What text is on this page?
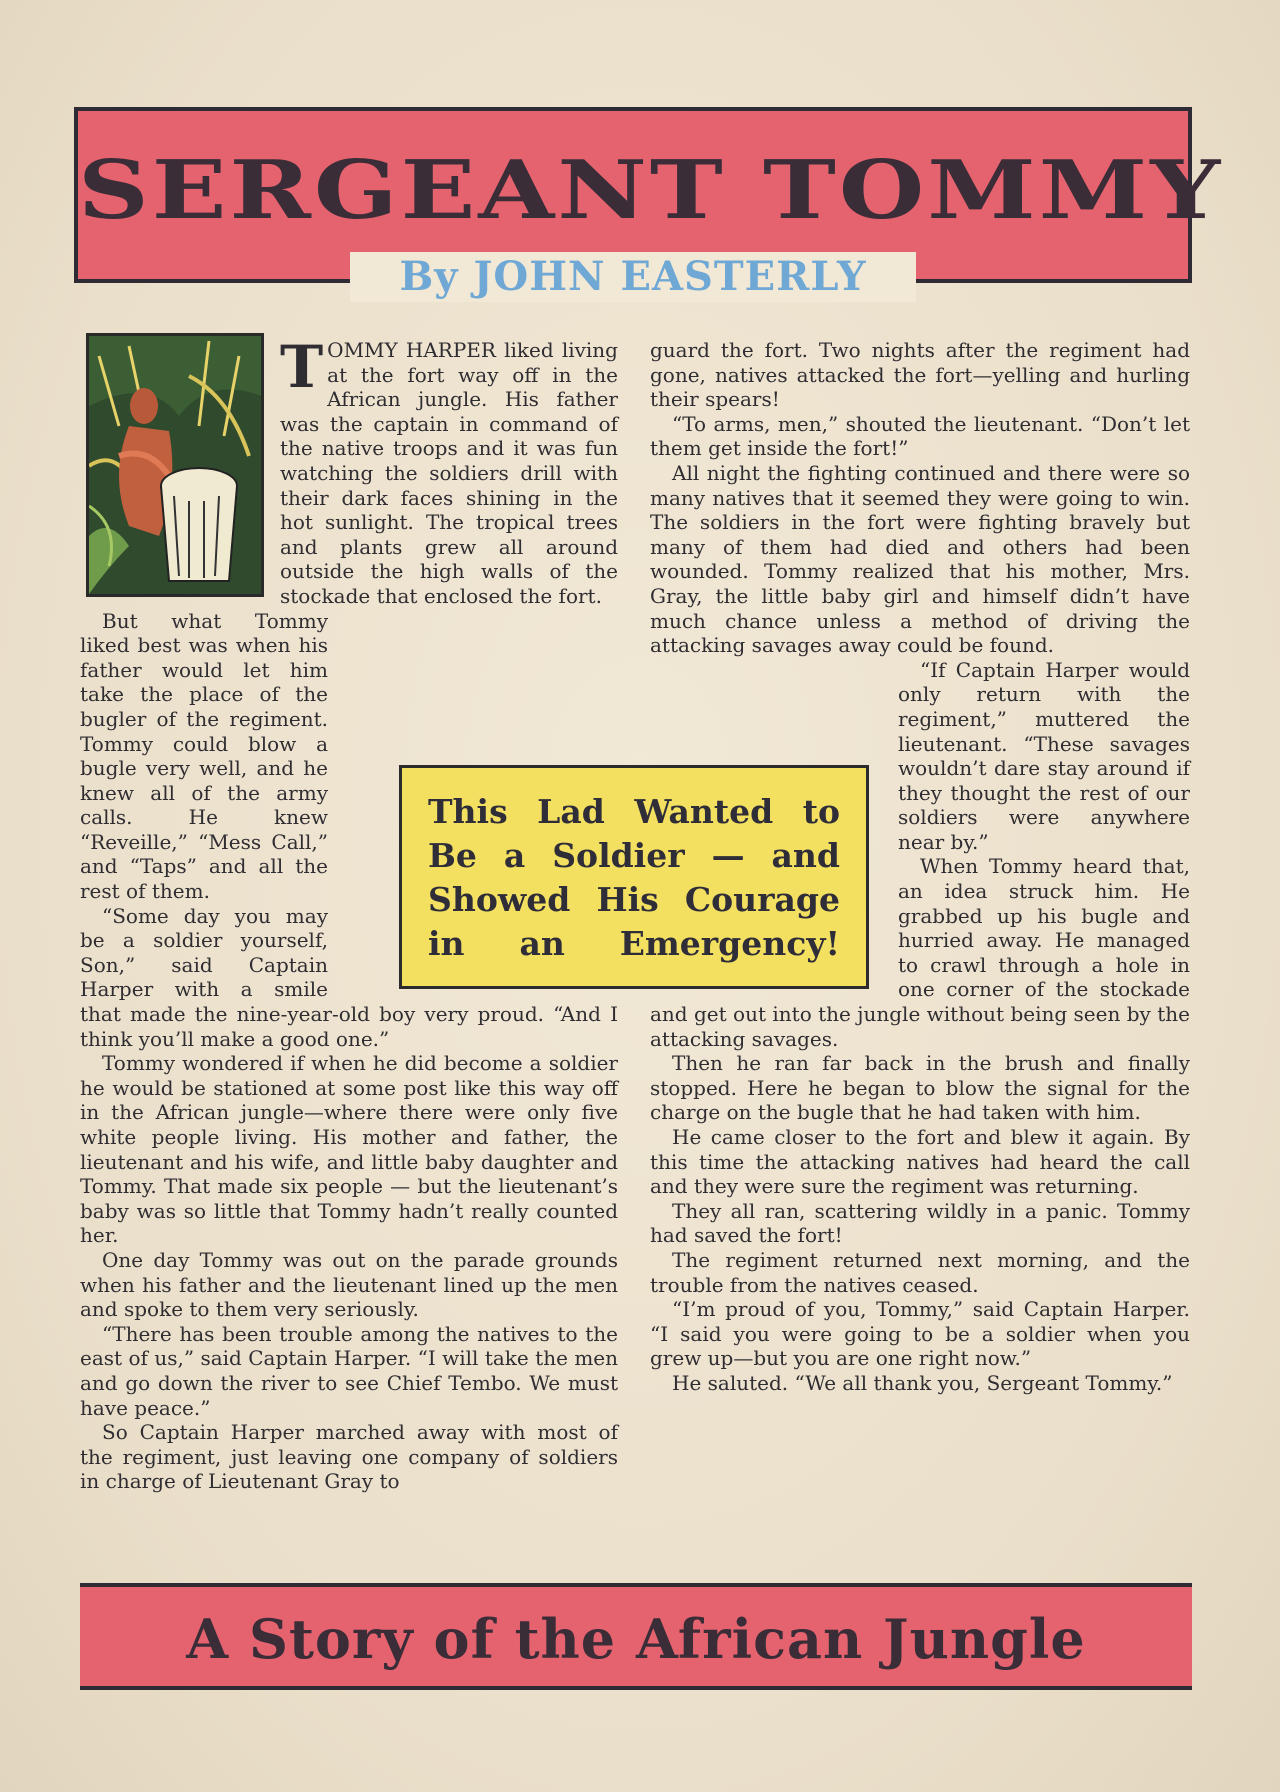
SERGEANT TOMMY
By JOHN EASTERLY

TOMMY HARPER liked living at the fort way off in the African jungle. His father was the captain in command of the native troops and it was fun watching the soldiers drill with their dark faces shining in the hot sunlight. The tropical trees and plants grew all around outside the high walls of the stockade that enclosed the fort.

But what Tommy liked best was when his father would let him take the place of the bugler of the regiment. Tommy could blow a bugle very well, and he knew all of the army calls. He knew “Reveille,” “Mess Call,” and “Taps” and all the rest of them.

“Some day you may be a soldier yourself, Son,” said Captain Harper with a smile that made the nine-year-old boy very proud. “And I think you’ll make a good one.”

Tommy wondered if when he did become a soldier he would be stationed at some post like this way off in the African jungle—where there were only five white people living. His mother and father, the lieutenant and his wife, and little baby daughter and Tommy. That made six people — but the lieutenant’s baby was so little that Tommy hadn’t really counted her.

One day Tommy was out on the parade grounds when his father and the lieutenant lined up the men and spoke to them very seriously.

“There has been trouble among the natives to the east of us,” said Captain Harper. “I will take the men and go down the river to see Chief Tembo. We must have peace.”

So Captain Harper marched away with most of the regiment, just leaving one company of soldiers in charge of Lieutenant Gray to

guard the fort. Two nights after the regiment had gone, natives attacked the fort—yelling and hurling their spears!

“To arms, men,” shouted the lieutenant. “Don’t let them get inside the fort!”

All night the fighting continued and there were so many natives that it seemed they were going to win. The soldiers in the fort were fighting bravely but many of them had died and others had been wounded. Tommy realized that his mother, Mrs. Gray, the little baby girl and himself didn’t have much chance unless a method of driving the attacking savages away could be found.

“If Captain Harper would only return with the regiment,” muttered the lieutenant. “These savages wouldn’t dare stay around if they thought the rest of our soldiers were anywhere near by.”

When Tommy heard that, an idea struck him. He grabbed up his bugle and hurried away. He managed to crawl through a hole in one corner of the stockade and get out into the jungle without being seen by the attacking savages.

Then he ran far back in the brush and finally stopped. Here he began to blow the signal for the charge on the bugle that he had taken with him.

He came closer to the fort and blew it again. By this time the attacking natives had heard the call and they were sure the regiment was returning.

They all ran, scattering wildly in a panic. Tommy had saved the fort!

The regiment returned next morning, and the trouble from the natives ceased.

“I’m proud of you, Tommy,” said Captain Harper. “I said you were going to be a soldier when you grew up—but you are one right now.”

He saluted. “We all thank you, Sergeant Tommy.”

This Lad Wanted to Be a Soldier — and Showed His Courage in an Emergency!
A Story of the African Jungle
